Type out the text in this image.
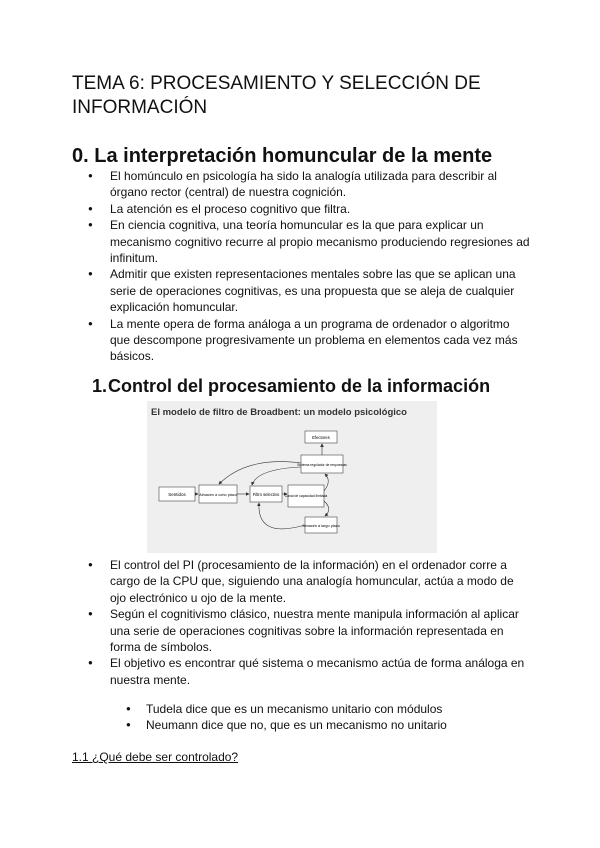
TEMA 6: PROCESAMIENTO Y SELECCIÓN DE
INFORMACIÓN
0. La interpretación homuncular de la mente
● El homúnculo en psicología ha sido la analogía utilizada para describir al órgano rector (central) de nuestra cognición.
● La atención es el proceso cognitivo que filtra.
● En ciencia cognitiva, una teoría homuncular es la que para explicar un mecanismo cognitivo recurre al propio mecanismo produciendo regresiones ad infinitum.
● Admitir que existen representaciones mentales sobre las que se aplican una serie de operaciones cognitivas, es una propuesta que se aleja de cualquier explicación homuncular.
● La mente opera de forma análoga a un programa de ordenador o algoritmo que descompone progresivamente un problema en elementos cada vez más básicos.
1.Control del procesamiento de la información
El modelo de filtro de Broadbent: un modelo psicológico
Sentidos	Almacén a corto plazo	Filtro selectivo Canal de capacidad limitada
Efectores
Sistema regulador de respuestas
Almacén a largo plazo
● El control del PI (procesamiento de la información) en el ordenador corre a cargo de la CPU que, siguiendo una analogía homuncular, actúa a modo de ojo electrónico u ojo de la mente.
● Según el cognitivismo clásico, nuestra mente manipula información al aplicar una serie de operaciones cognitivas sobre la información representada en forma de símbolos.
● El objetivo es encontrar qué sistema o mecanismo actúa de forma análoga en nuestra mente.
● Tudela dice que es un mecanismo unitario con módulos
● Neumann dice que no, que es un mecanismo no unitario
1.1 ¿Qué debe ser controlado?
